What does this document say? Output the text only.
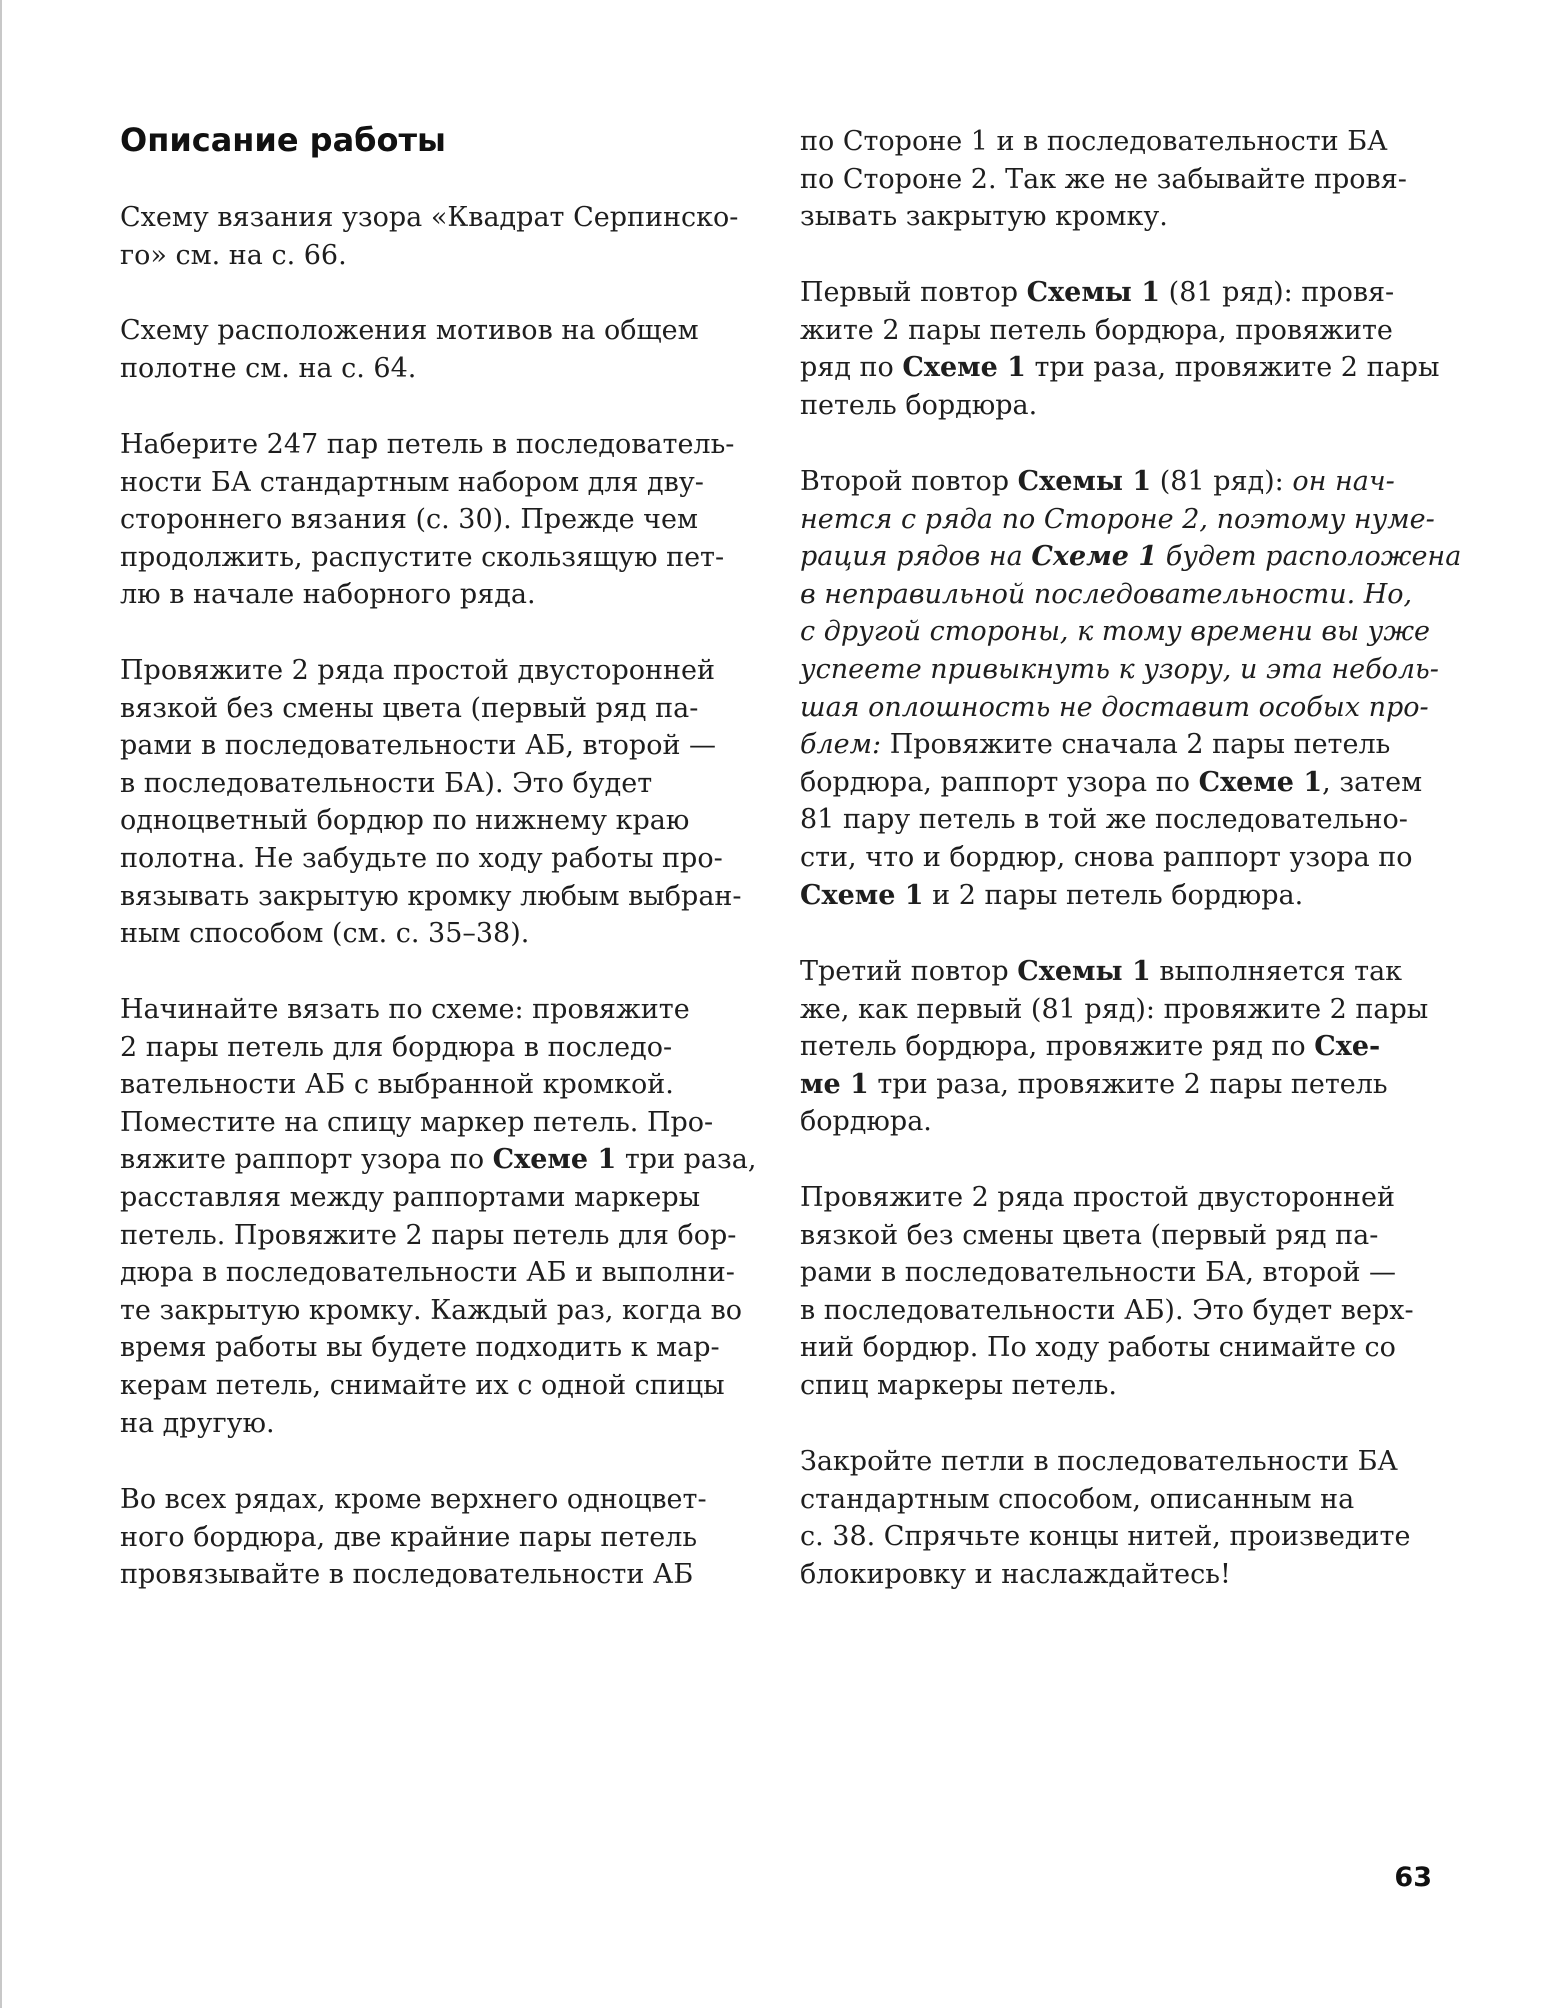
Описание работы

Схему вязания узора «Квадрат Серпинско-
го» см. на с. 66.

Схему расположения мотивов на общем
полотне см. на с. 64.

Наберите 247 пар петель в последователь-
ности БА стандартным набором для дву-
стороннего вязания (с. 30). Прежде чем
продолжить, распустите скользящую пет-
лю в начале наборного ряда.

Провяжите 2 ряда простой двусторонней
вязкой без смены цвета (первый ряд па-
рами в последовательности АБ, второй —
в последовательности БА). Это будет
одноцветный бордюр по нижнему краю
полотна. Не забудьте по ходу работы про-
вязывать закрытую кромку любым выбран-
ным способом (см. с. 35–38).

Начинайте вязать по схеме: провяжите
2 пары петель для бордюра в последо-
вательности АБ с выбранной кромкой.
Поместите на спицу маркер петель. Про-
вяжите раппорт узора по Схеме 1 три раза,
расставляя между раппортами маркеры
петель. Провяжите 2 пары петель для бор-
дюра в последовательности АБ и выполни-
те закрытую кромку. Каждый раз, когда во
время работы вы будете подходить к мар-
керам петель, снимайте их с одной спицы
на другую.

Во всех рядах, кроме верхнего одноцвет-
ного бордюра, две крайние пары петель
провязывайте в последовательности АБ

по Стороне 1 и в последовательности БА
по Стороне 2. Так же не забывайте провя-
зывать закрытую кромку.

Первый повтор Схемы 1 (81 ряд): провя-
жите 2 пары петель бордюра, провяжите
ряд по Схеме 1 три раза, провяжите 2 пары
петель бордюра.

Второй повтор Схемы 1 (81 ряд): он нач-
нется с ряда по Стороне 2, поэтому нуме-
рация рядов на Схеме 1 будет расположена
в неправильной последовательности. Но,
с другой стороны, к тому времени вы уже
успеете привыкнуть к узору, и эта неболь-
шая оплошность не доставит особых про-
блем: Провяжите сначала 2 пары петель
бордюра, раппорт узора по Схеме 1, затем
81 пару петель в той же последовательно-
сти, что и бордюр, снова раппорт узора по
Схеме 1 и 2 пары петель бордюра.

Третий повтор Схемы 1 выполняется так
же, как первый (81 ряд): провяжите 2 пары
петель бордюра, провяжите ряд по Схе-
ме 1 три раза, провяжите 2 пары петель
бордюра.

Провяжите 2 ряда простой двусторонней
вязкой без смены цвета (первый ряд па-
рами в последовательности БА, второй —
в последовательности АБ). Это будет верх-
ний бордюр. По ходу работы снимайте со
спиц маркеры петель.

Закройте петли в последовательности БА
стандартным способом, описанным на
с. 38. Спрячьте концы нитей, произведите
блокировку и наслаждайтесь!

63
